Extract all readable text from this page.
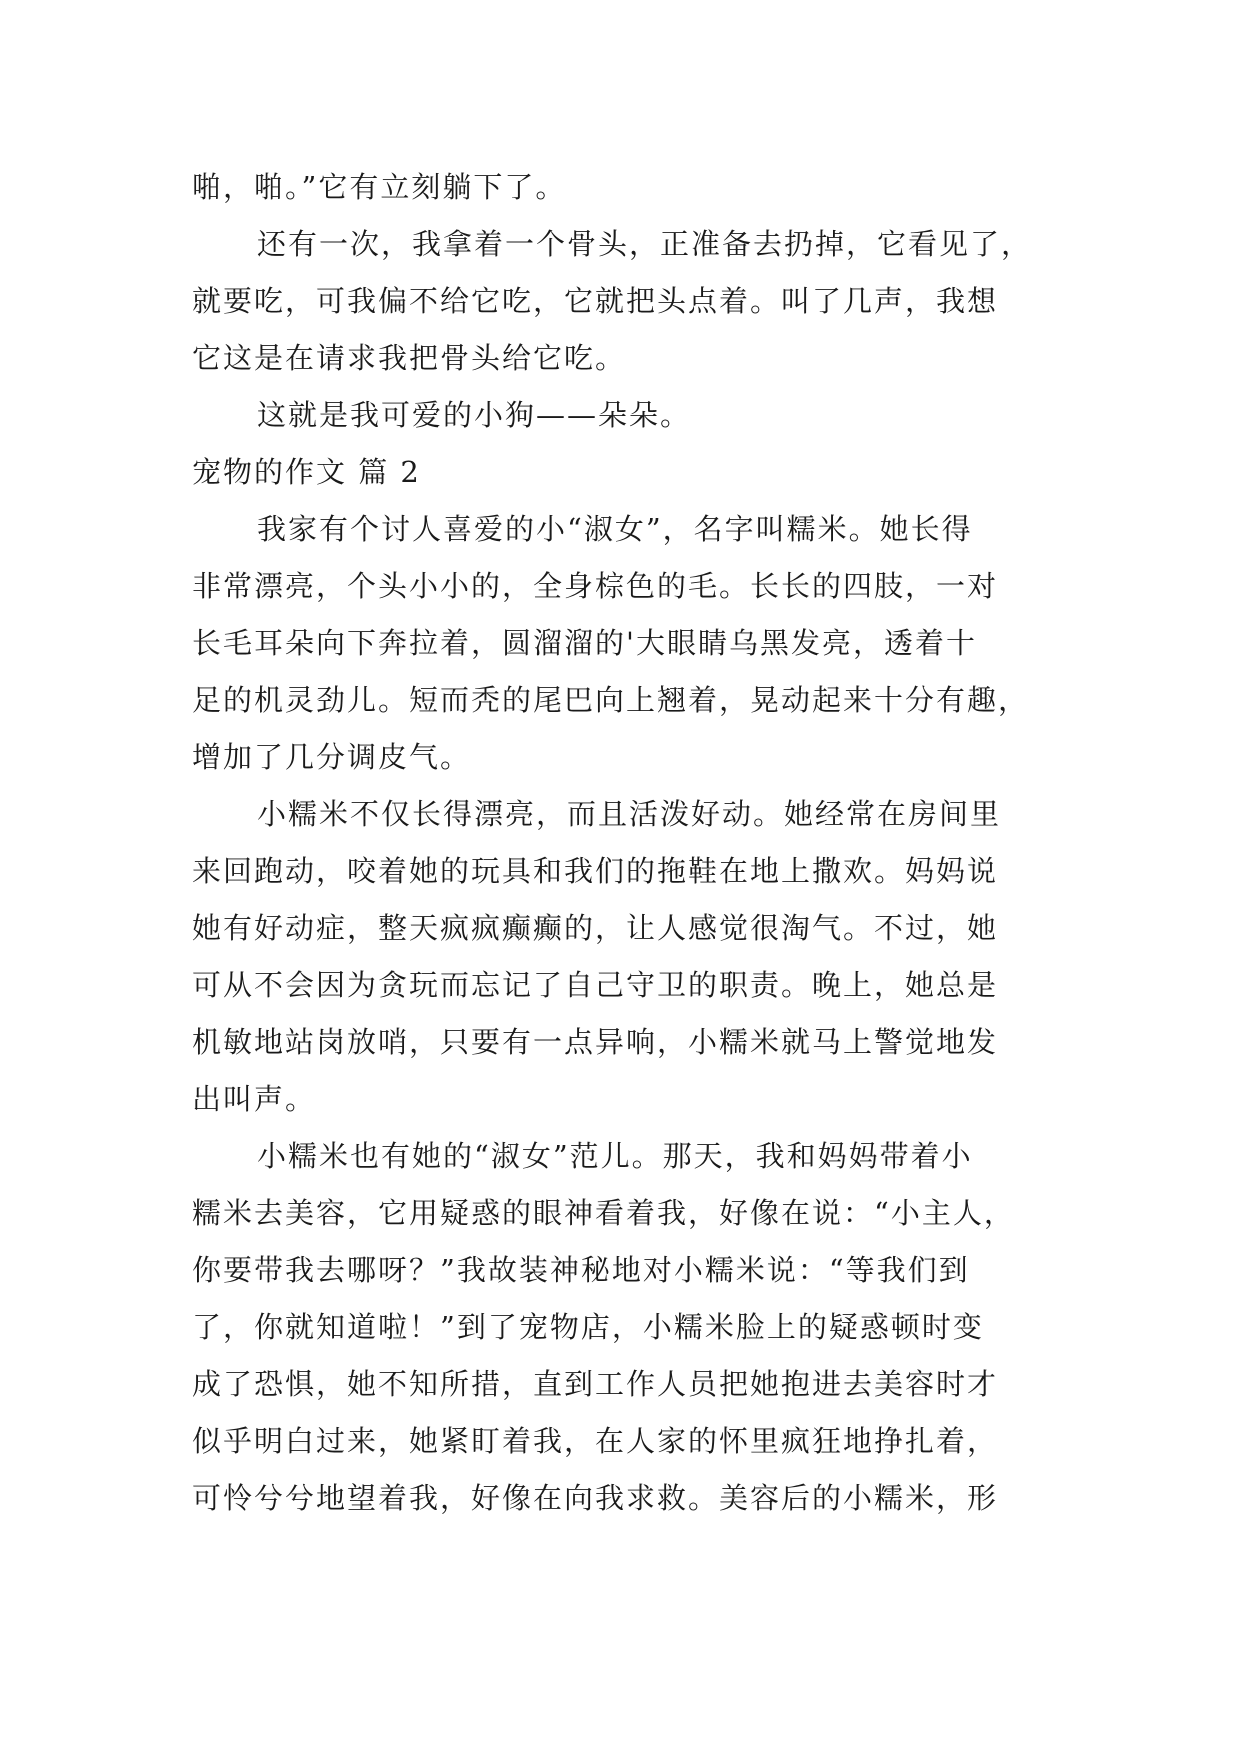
啪，啪。”它有立刻躺下了。
还有一次，我拿着一个骨头，正准备去扔掉，它看见了，
就要吃，可我偏不给它吃，它就把头点着。叫了几声，我想
它这是在请求我把骨头给它吃。
这就是我可爱的小狗——朵朵。
宠物的作文 篇 2
我家有个讨人喜爱的小“淑女”，名字叫糯米。她长得
非常漂亮，个头小小的，全身棕色的毛。长长的四肢，一对
长毛耳朵向下奔拉着，圆溜溜的'大眼睛乌黑发亮，透着十
足的机灵劲儿。短而秃的尾巴向上翘着，晃动起来十分有趣，
增加了几分调皮气。
小糯米不仅长得漂亮，而且活泼好动。她经常在房间里
来回跑动，咬着她的玩具和我们的拖鞋在地上撒欢。妈妈说
她有好动症，整天疯疯癫癫的，让人感觉很淘气。不过，她
可从不会因为贪玩而忘记了自己守卫的职责。晚上，她总是
机敏地站岗放哨，只要有一点异响，小糯米就马上警觉地发
出叫声。
小糯米也有她的“淑女”范儿。那天，我和妈妈带着小
糯米去美容，它用疑惑的眼神看着我，好像在说：“小主人，
你要带我去哪呀？”我故装神秘地对小糯米说：“等我们到
了，你就知道啦！”到了宠物店，小糯米脸上的疑惑顿时变
成了恐惧，她不知所措，直到工作人员把她抱进去美容时才
似乎明白过来，她紧盯着我，在人家的怀里疯狂地挣扎着，
可怜兮兮地望着我，好像在向我求救。美容后的小糯米，形
